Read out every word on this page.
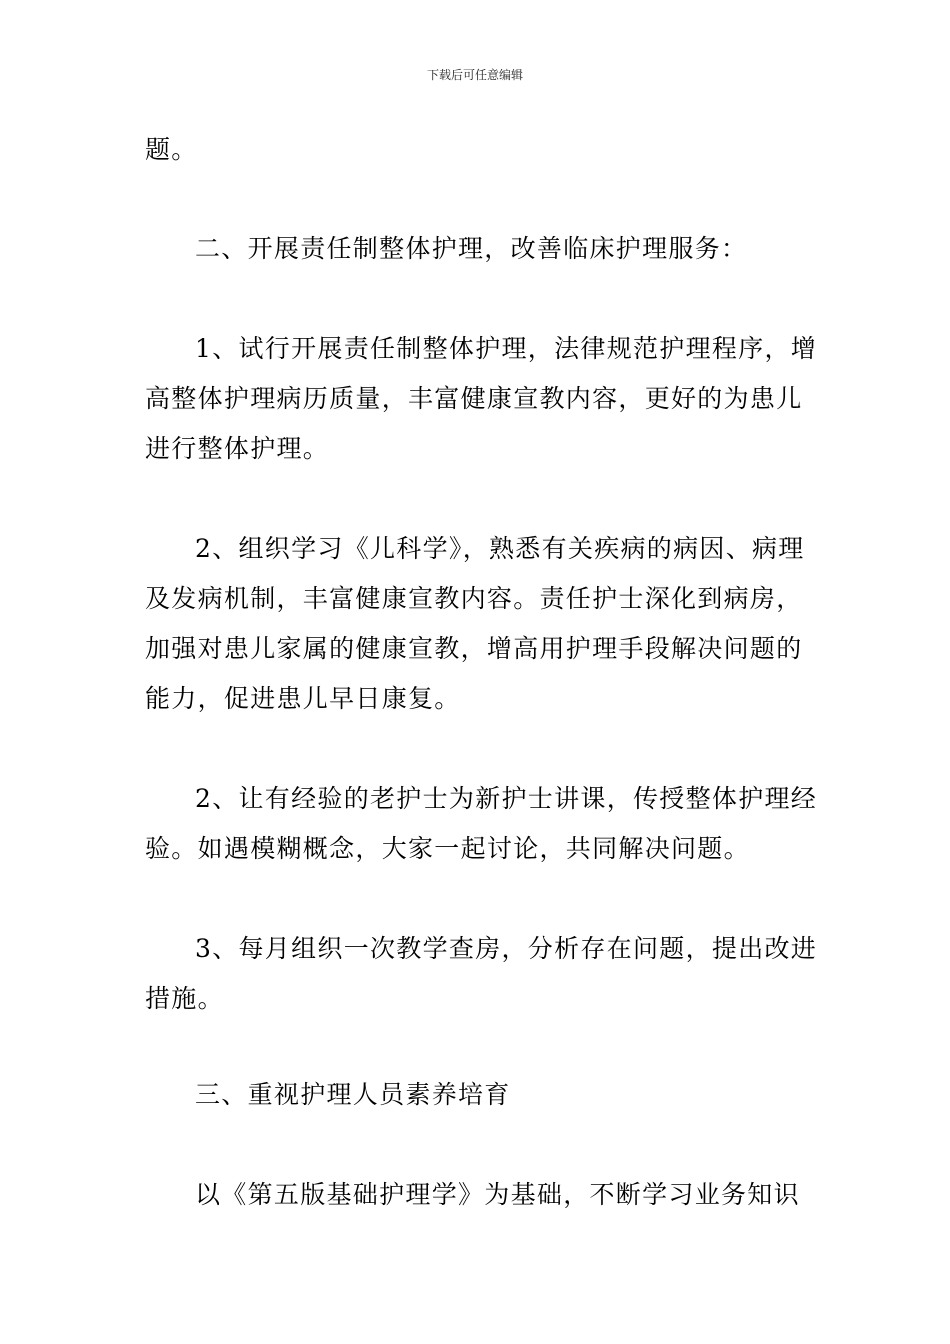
下载后可任意编辑
题。
二、开展责任制整体护理，改善临床护理服务：
1、试行开展责任制整体护理，法律规范护理程序，增
高整体护理病历质量，丰富健康宣教内容，更好的为患儿
进行整体护理。
2、组织学习《儿科学》，熟悉有关疾病的病因、病理
及发病机制，丰富健康宣教内容。责任护士深化到病房，
加强对患儿家属的健康宣教，增高用护理手段解决问题的
能力，促进患儿早日康复。
2、让有经验的老护士为新护士讲课，传授整体护理经
验。如遇模糊概念，大家一起讨论，共同解决问题。
3、每月组织一次教学查房，分析存在问题，提出改进
措施。
三、重视护理人员素养培育
以《第五版基础护理学》为基础，不断学习业务知识
